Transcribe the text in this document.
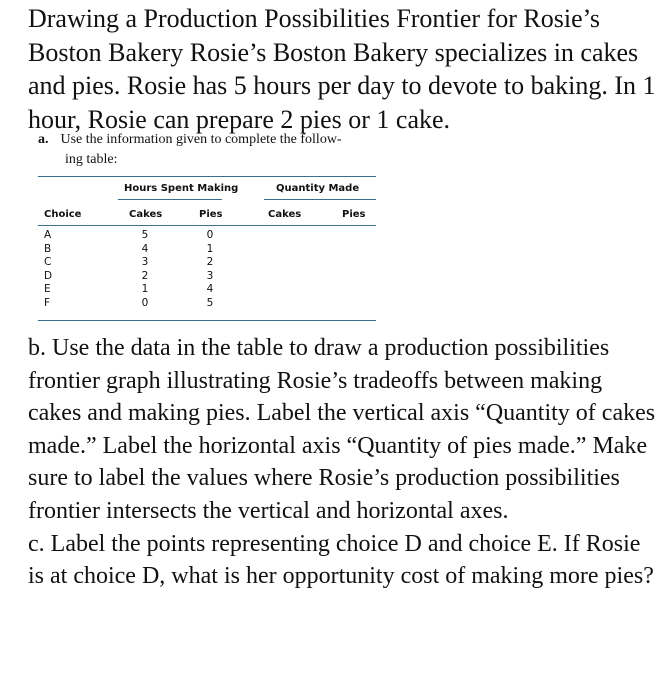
Drawing a Production Possibilities Frontier for Rosie’s Boston Bakery Rosie’s Boston Bakery specializes in cakes and pies. Rosie has 5 hours per day to devote to baking. In 1 hour, Rosie can prepare 2 pies or 1 cake.

a. Use the information given to complete the follow-
ing table:

Hours Spent Making	Quantity Made
Choice	Cakes	Pies	Cakes	Pies
A	5	0
B	4	1
C	3	2
D	2	3
E	1	4
F	0	5

b. Use the data in the table to draw a production possibilities frontier graph illustrating Rosie’s tradeoffs between making cakes and making pies. Label the vertical axis “Quantity of cakes made.” Label the horizontal axis “Quantity of pies made.” Make sure to label the values where Rosie’s production possibilities frontier intersects the vertical and horizontal axes.

c. Label the points representing choice D and choice E. If Rosie is at choice D, what is her opportunity cost of making more pies?
